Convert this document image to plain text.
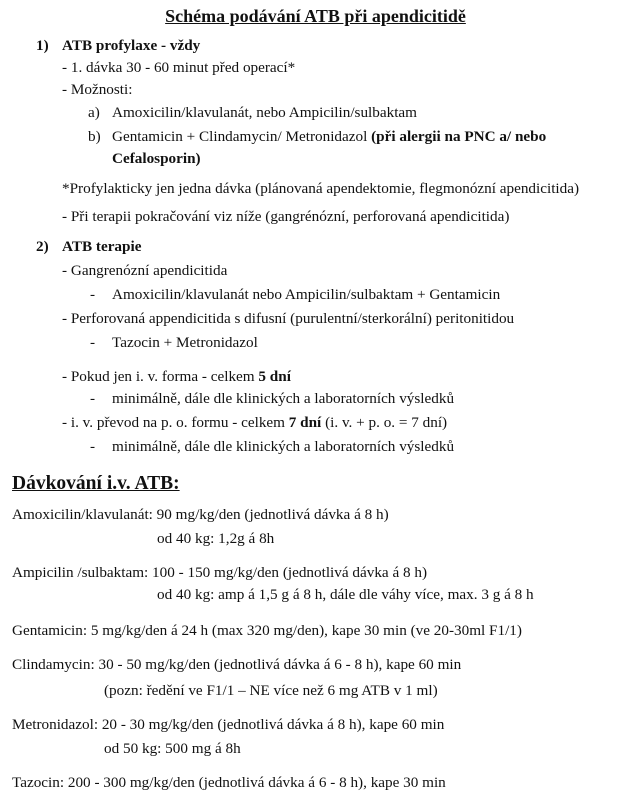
Schéma podávání ATB při apendicitidě
1) ATB profylaxe - vždy
- 1. dávka 30 - 60 minut před operací*
- Možnosti:
a) Amoxicilin/klavulanát, nebo Ampicilin/sulbaktam
b) Gentamicin + Clindamycin/ Metronidazol (při alergii na PNC a/ nebo
Cefalosporin)
*Profylakticky jen jedna dávka (plánovaná apendektomie, flegmonózní apendicitida)
- Při terapii pokračování viz níže (gangrénózní, perforovaná apendicitida)
2) ATB terapie
- Gangrenózní apendicitida
- Amoxicilin/klavulanát nebo Ampicilin/sulbaktam + Gentamicin
- Perforovaná appendicitida s difusní (purulentní/sterkorální) peritonitidou
- Tazocin + Metronidazol
- Pokud jen i. v. forma - celkem 5 dní
- minimálně, dále dle klinických a laboratorních výsledků
- i. v. převod na p. o. formu - celkem 7 dní (i. v. + p. o. = 7 dní)
- minimálně, dále dle klinických a laboratorních výsledků
Dávkování i.v. ATB:
Amoxicilin/klavulanát: 90 mg/kg/den (jednotlivá dávka á 8 h)
od 40 kg: 1,2g á 8h
Ampicilin /sulbaktam: 100 - 150 mg/kg/den (jednotlivá dávka á 8 h)
od 40 kg: amp á 1,5 g á 8 h, dále dle váhy více, max. 3 g á 8 h
Gentamicin: 5 mg/kg/den á 24 h (max 320 mg/den), kape 30 min (ve 20-30ml F1/1)
Clindamycin: 30 - 50 mg/kg/den (jednotlivá dávka á 6 - 8 h), kape 60 min
(pozn: ředění ve F1/1 – NE více než 6 mg ATB v 1 ml)
Metronidazol: 20 - 30 mg/kg/den (jednotlivá dávka á 8 h), kape 60 min
od 50 kg: 500 mg á 8h
Tazocin: 200 - 300 mg/kg/den (jednotlivá dávka á 6 - 8 h), kape 30 min
